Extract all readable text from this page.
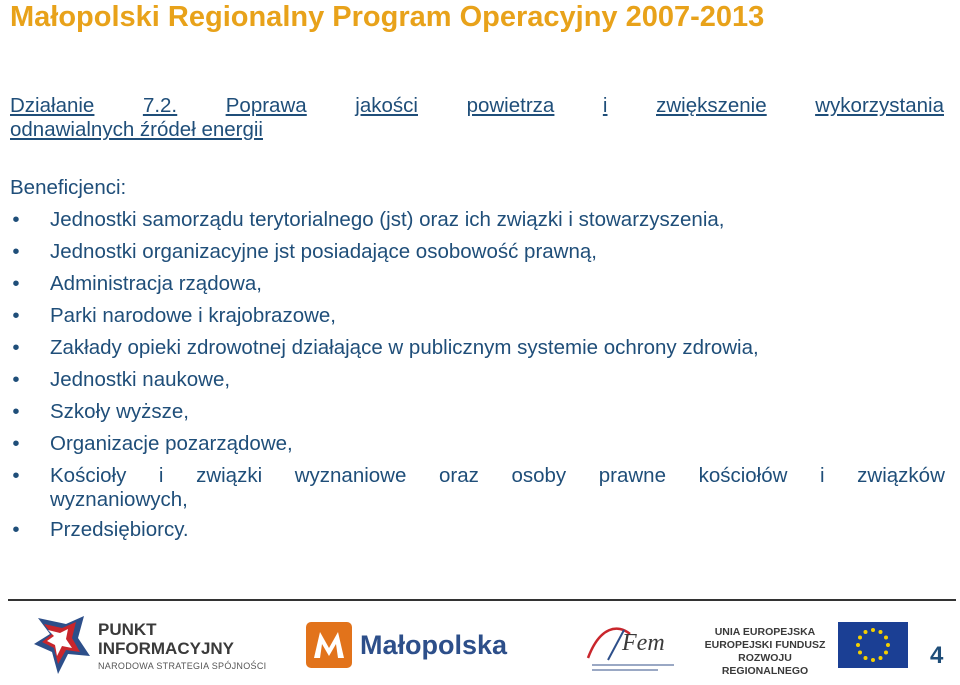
Małopolski Regionalny Program Operacyjny 2007-2013
Działanie 7.2. Poprawa jakości powietrza i zwiększenie wykorzystania
odnawialnych źródeł energii
Beneficjenci:
• Jednostki samorządu terytorialnego (jst) oraz ich związki i stowarzyszenia,
• Jednostki organizacyjne jst posiadające osobowość prawną,
• Administracja rządowa,
• Parki narodowe i krajobrazowe,
• Zakłady opieki zdrowotnej działające w publicznym systemie ochrony zdrowia,
• Jednostki naukowe,
• Szkoły wyższe,
• Organizacje pozarządowe,
• Kościoły i związki wyznaniowe oraz osoby prawne kościołów i związków
wyznaniowych,
• Przedsiębiorcy.
PUNKT
INFORMACYJNY
NARODOWA STRATEGIA SPÓJNOŚCI
Małopolska	Fem	UNIA EUROPEJSKA
EUROPEJSKI FUNDUSZ
ROZWOJU REGIONALNEGO
4
